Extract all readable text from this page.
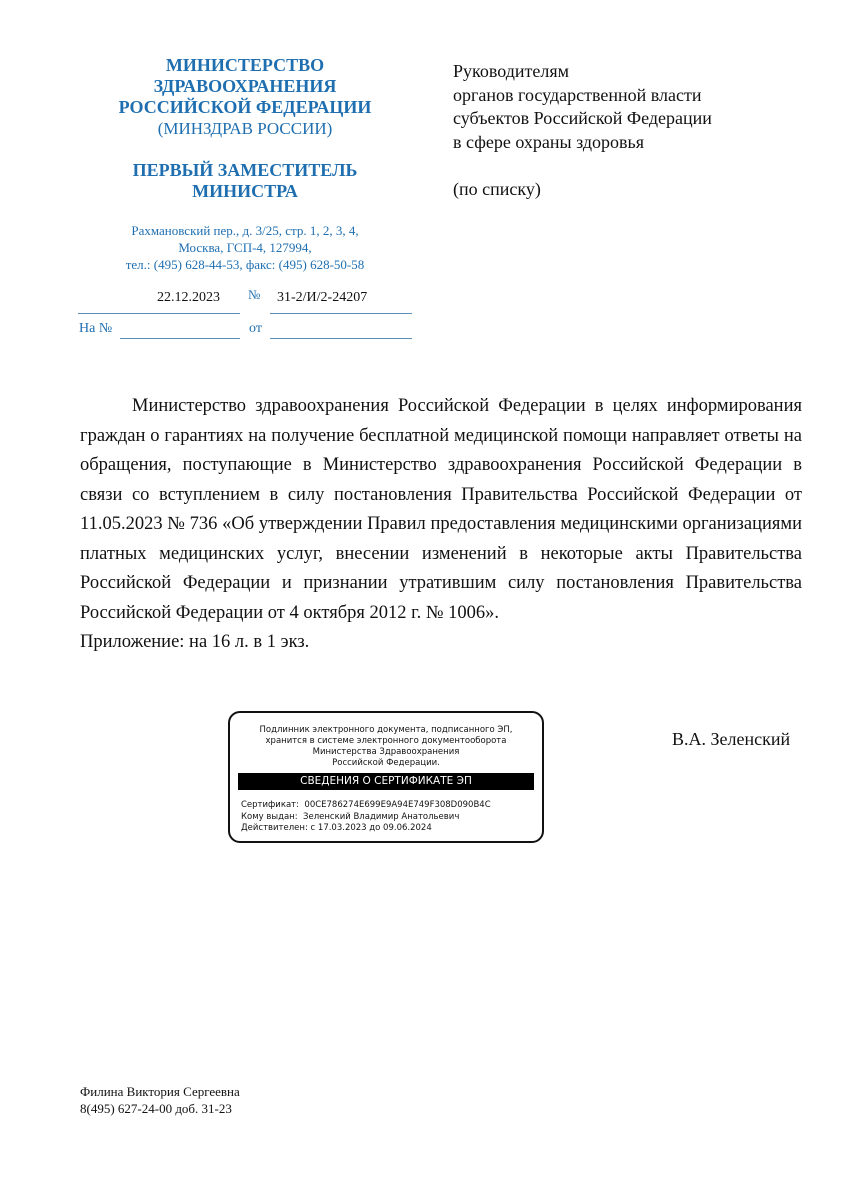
МИНИСТЕРСТВО
ЗДРАВООХРАНЕНИЯ
РОССИЙСКОЙ ФЕДЕРАЦИИ
(МИНЗДРАВ РОССИИ)
ПЕРВЫЙ ЗАМЕСТИТЕЛЬ
МИНИСТРА
Рахмановский пер., д. 3/25, стр. 1, 2, 3, 4,
Москва, ГСП-4, 127994,
тел.: (495) 628-44-53, факс: (495) 628-50-58
22.12.2023 № 31-2/И/2-24207
На №	от
Руководителям
органов государственной власти
субъектов Российской Федерации
в сфере охраны здоровья
(по списку)

Министерство здравоохранения Российской Федерации в целях информирования граждан о гарантиях на получение бесплатной медицинской помощи направляет ответы на обращения, поступающие в Министерство здравоохранения Российской Федерации в связи со вступлением в силу постановления Правительства Российской Федерации от 11.05.2023 № 736 «Об утверждении Правил предоставления медицинскими организациями платных медицинских услуг, внесении изменений в некоторые акты Правительства Российской Федерации и признании утратившим силу постановления Правительства Российской Федерации от 4 октября 2012 г. № 1006».

Приложение: на 16 л. в 1 экз.

Подлинник электронного документа, подписанного ЭП,
хранится в системе электронного документооборота
Министерства Здравоохранения
Российской Федерации.
СВЕДЕНИЯ О СЕРТИФИКАТЕ ЭП
Сертификат: 00CE786274E699E9A94E749F308D090B4C
Кому выдан: Зеленский Владимир Анатольевич
Действителен: с 17.03.2023 до 09.06.2024
В.А. Зеленский
Филина Виктория Сергеевна
8(495) 627-24-00 доб. 31-23
